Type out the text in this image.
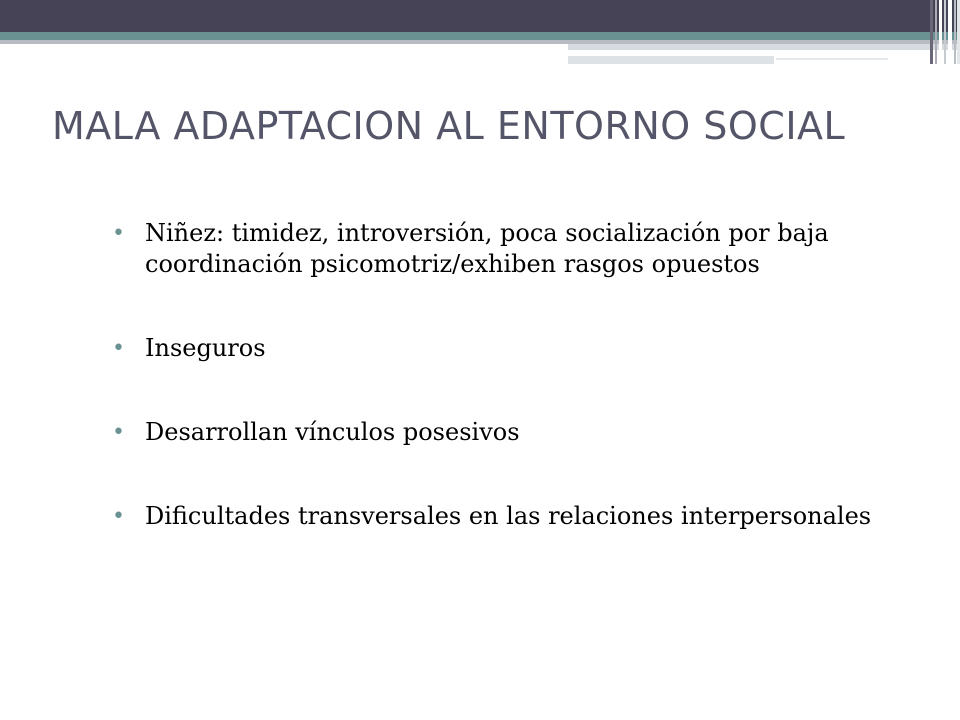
MALA ADAPTACION AL ENTORNO SOCIAL
• Niñez: timidez, introversión, poca socialización por baja coordinación psicomotriz/exhiben rasgos opuestos
• Inseguros
• Desarrollan vínculos posesivos
• Dificultades transversales en las relaciones interpersonales
